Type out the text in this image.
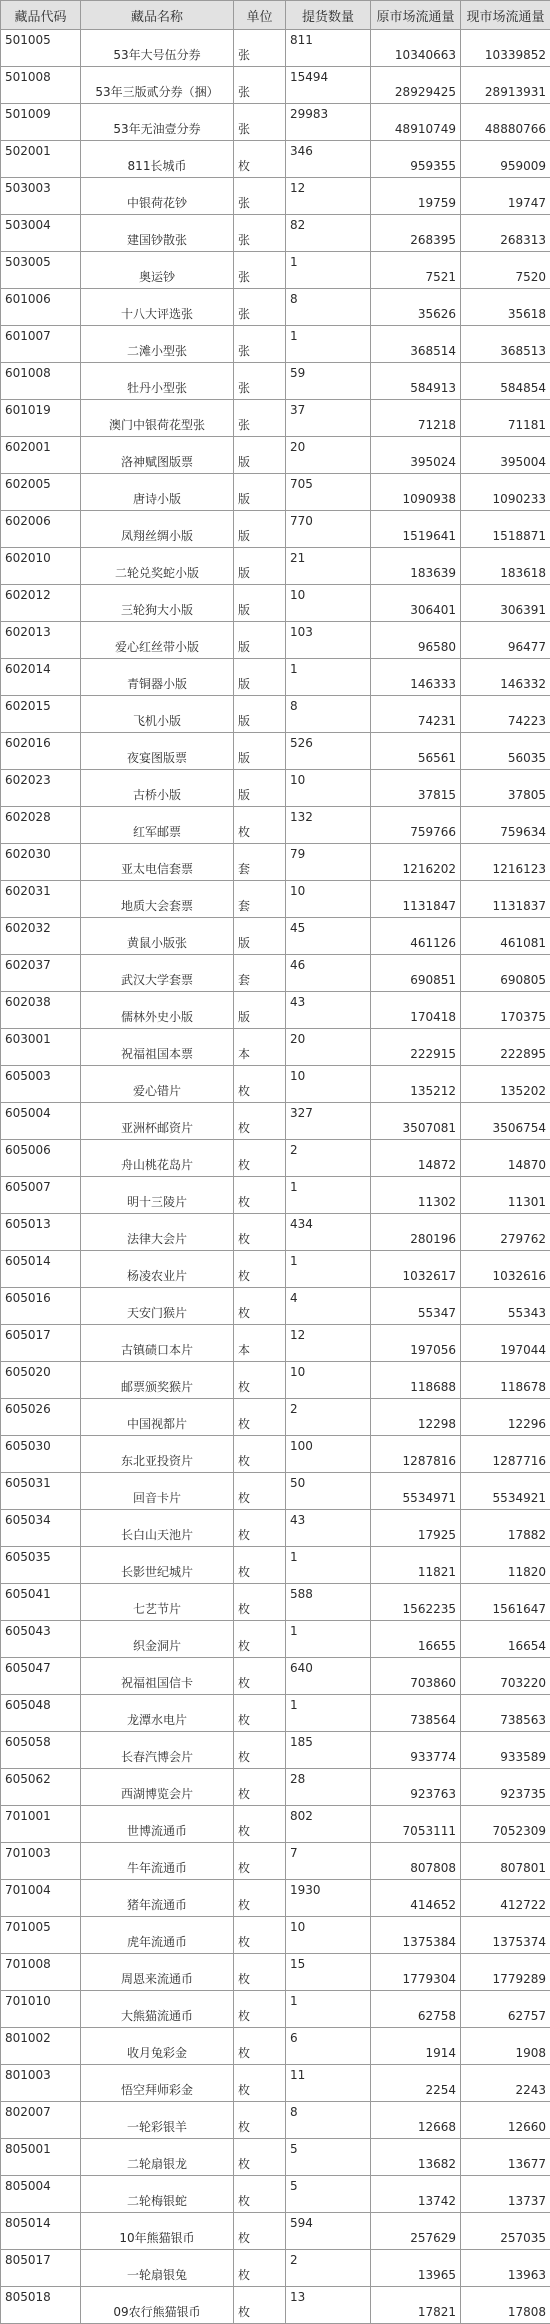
藏品代码	藏品名称	单位	提货数量	原市场流通量	现市场流通量
501005	53年大号伍分券	张	811	10340663	10339852
501008	53年三版贰分券（捆）	张	15494	28929425	28913931
501009	53年无油壹分券	张	29983	48910749	48880766
502001	811长城币	枚	346	959355	959009
503003	中银荷花钞	张	12	19759	19747
503004	建国钞散张	张	82	268395	268313
503005	奥运钞	张	1	7521	7520
601006	十八大评选张	张	8	35626	35618
601007	二滩小型张	张	1	368514	368513
601008	牡丹小型张	张	59	584913	584854
601019	澳门中银荷花型张	张	37	71218	71181
602001	洛神赋图版票	版	20	395024	395004
602005	唐诗小版	版	705	1090938	1090233
602006	凤翔丝绸小版	版	770	1519641	1518871
602010	二轮兑奖蛇小版	版	21	183639	183618
602012	三轮狗大小版	版	10	306401	306391
602013	爱心红丝带小版	版	103	96580	96477
602014	青铜器小版	版	1	146333	146332
602015	飞机小版	版	8	74231	74223
602016	夜宴图版票	版	526	56561	56035
602023	古桥小版	版	10	37815	37805
602028	红军邮票	枚	132	759766	759634
602030	亚太电信套票	套	79	1216202	1216123
602031	地质大会套票	套	10	1131847	1131837
602032	黄鼠小版张	版	45	461126	461081
602037	武汉大学套票	套	46	690851	690805
602038	儒林外史小版	版	43	170418	170375
603001	祝福祖国本票	本	20	222915	222895
605003	爱心错片	枚	10	135212	135202
605004	亚洲杯邮资片	枚	327	3507081	3506754
605006	舟山桃花岛片	枚	2	14872	14870
605007	明十三陵片	枚	1	11302	11301
605013	法律大会片	枚	434	280196	279762
605014	杨凌农业片	枚	1	1032617	1032616
605016	天安门猴片	枚	4	55347	55343
605017	古镇碛口本片	本	12	197056	197044
605020	邮票颁奖猴片	枚	10	118688	118678
605026	中国视都片	枚	2	12298	12296
605030	东北亚投资片	枚	100	1287816	1287716
605031	回音卡片	枚	50	5534971	5534921
605034	长白山天池片	枚	43	17925	17882
605035	长影世纪城片	枚	1	11821	11820
605041	七艺节片	枚	588	1562235	1561647
605043	织金洞片	枚	1	16655	16654
605047	祝福祖国信卡	枚	640	703860	703220
605048	龙潭水电片	枚	1	738564	738563
605058	长春汽博会片	枚	185	933774	933589
605062	西湖博览会片	枚	28	923763	923735
701001	世博流通币	枚	802	7053111	7052309
701003	牛年流通币	枚	7	807808	807801
701004	猪年流通币	枚	1930	414652	412722
701005	虎年流通币	枚	10	1375384	1375374
701008	周恩来流通币	枚	15	1779304	1779289
701010	大熊猫流通币	枚	1	62758	62757
801002	收月兔彩金	枚	6	1914	1908
801003	悟空拜师彩金	枚	11	2254	2243
802007	一轮彩银羊	枚	8	12668	12660
805001	二轮扇银龙	枚	5	13682	13677
805004	二轮梅银蛇	枚	5	13742	13737
805014	10年熊猫银币	枚	594	257629	257035
805017	一轮扇银兔	枚	2	13965	13963
805018	09农行熊猫银币	枚	13	17821	17808
